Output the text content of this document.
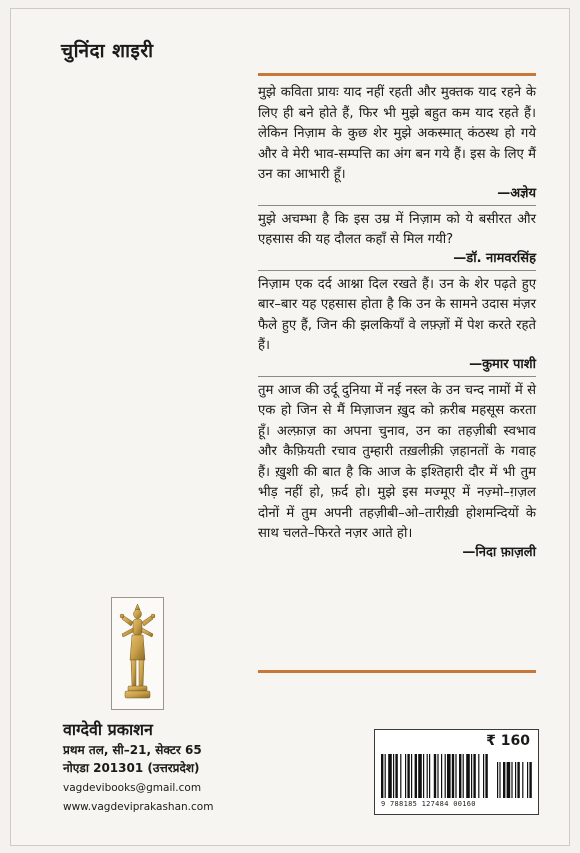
चुनिंदा शाइरी
मुझे कविता प्रायः याद नहीं रहती और मुक्तक याद रहने के लिए ही बने होते हैं, फिर भी मुझे बहुत कम याद रहते हैं। लेकिन निज़ाम के कुछ शेर मुझे अकस्मात् कंठस्थ हो गये और वे मेरी भाव-सम्पत्ति का अंग बन गये हैं। इस के लिए मैं उन का आभारी हूँ।
—अज्ञेय
मुझे अचम्भा है कि इस उम्र में निज़ाम को ये बसीरत और एहसास की यह दौलत कहाँ से मिल गयी?
—डॉ. नामवरसिंह
निज़ाम एक दर्द आश्ना दिल रखते हैं। उन के शेर पढ़ते हुए बार–बार यह एहसास होता है कि उन के सामने उदास मंज़र फैले हुए हैं, जिन की झलकियाँ वे लफ़्ज़ों में पेश करते रहते हैं।
—कुमार पाशी
तुम आज की उर्दू दुनिया में नई नस्ल के उन चन्द नामों में से एक हो जिन से मैं मिज़ाजन ख़ुद को क़रीब महसूस करता हूँ। अल्फ़ाज़ का अपना चुनाव, उन का तहज़ीबी स्वभाव और कैफ़ियती रचाव तुम्हारी तख़लीक़ी ज़हानतों के गवाह हैं। ख़ुशी की बात है कि आज के इश्तिहारी दौर में भी तुम भीड़ नहीं हो, फ़र्द हो। मुझे इस मज्मूए में नज़्मो–ग़ज़ल दोनों में तुम अपनी तहज़ीबी–ओ–तारीख़ी होशमन्दियों के साथ चलते–फिरते नज़र आते हो।
—निदा फ़ाज़ली
वाग्देवी प्रकाशन
प्रथम तल, सी–21, सेक्टर 65
नोएडा 201301 (उत्तरप्रदेश)
vagdevibooks@gmail.com
www.vagdeviprakashan.com
₹ 160
9 788185 127484 00160
